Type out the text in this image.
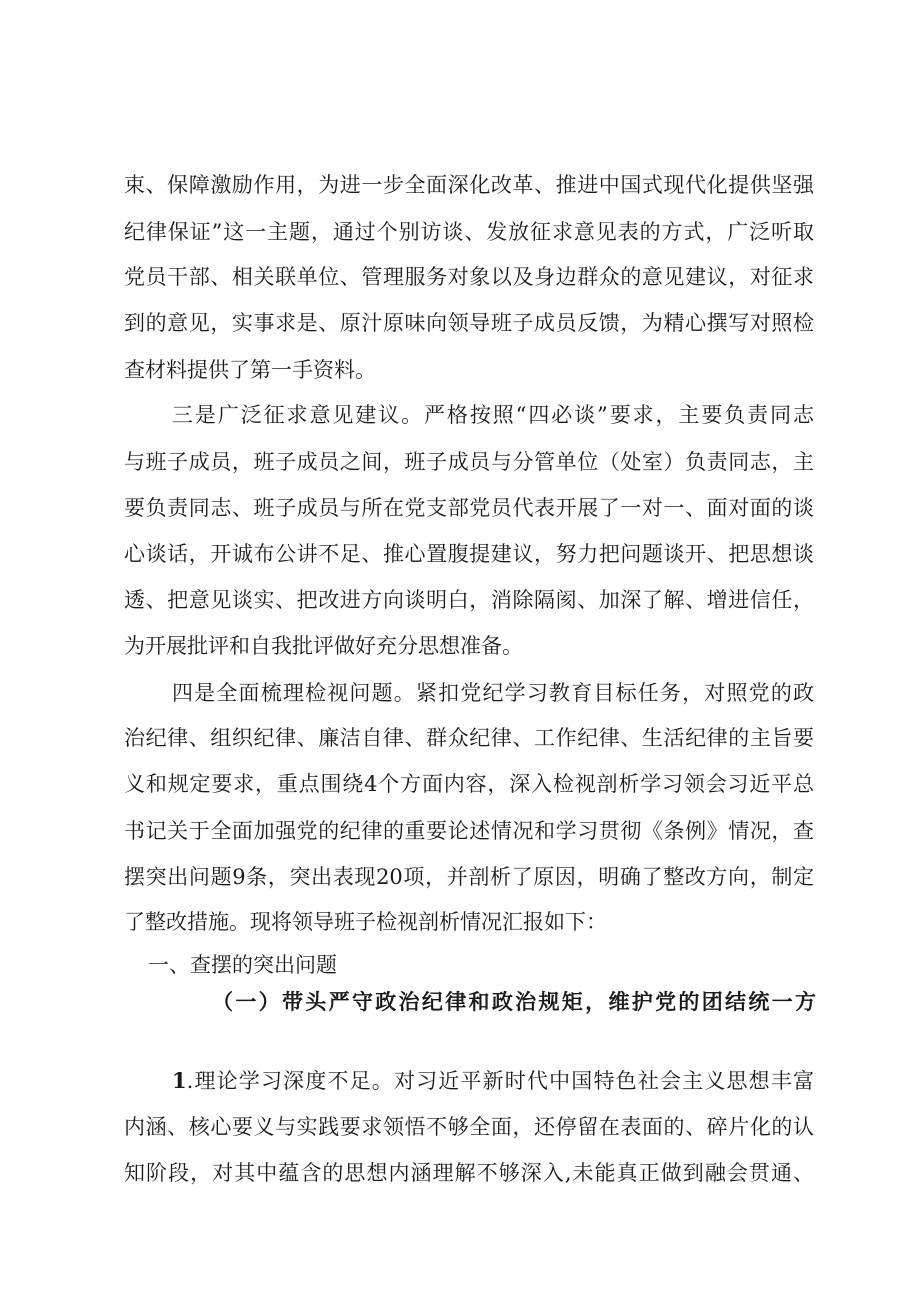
束、保障激励作用，为进一步全面深化改革、推进中国式现代化提供坚强
纪律保证”这一主题，通过个别访谈、发放征求意见表的方式，广泛听取
党员干部、相关联单位、管理服务对象以及身边群众的意见建议，对征求
到的意见，实事求是、原汁原味向领导班子成员反馈，为精心撰写对照检
查材料提供了第一手资料。
三是广泛征求意见建议。严格按照“四必谈”要求，主要负责同志
与班子成员，班子成员之间，班子成员与分管单位（处室）负责同志，主
要负责同志、班子成员与所在党支部党员代表开展了一对一、面对面的谈
心谈话，开诚布公讲不足、推心置腹提建议，努力把问题谈开、把思想谈
透、把意见谈实、把改进方向谈明白，消除隔阂、加深了解、增进信任，
为开展批评和自我批评做好充分思想准备。
四是全面梳理检视问题。紧扣党纪学习教育目标任务，对照党的政
治纪律、组织纪律、廉洁自律、群众纪律、工作纪律、生活纪律的主旨要
义和规定要求，重点围绕4个方面内容，深入检视剖析学习领会习近平总
书记关于全面加强党的纪律的重要论述情况和学习贯彻《条例》情况，查
摆突出问题9条，突出表现20项，并剖析了原因，明确了整改方向，制定
了整改措施。现将领导班子检视剖析情况汇报如下：
一、查摆的突出问题
（一）带头严守政治纪律和政治规矩，维护党的团结统一方
1.理论学习深度不足。对习近平新时代中国特色社会主义思想丰富
内涵、核心要义与实践要求领悟不够全面，还停留在表面的、碎片化的认
知阶段，对其中蕴含的思想内涵理解不够深入,未能真正做到融会贯通、
